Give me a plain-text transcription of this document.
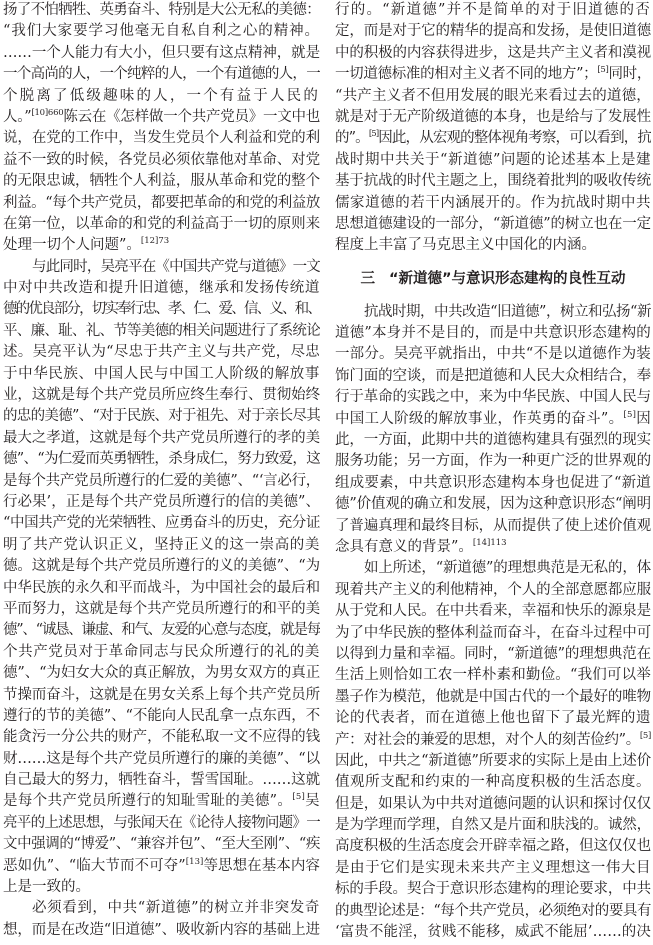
扬了不怕牺牲、英勇奋斗、特别是大公无私的美德：
“我们大家要学习他毫无自私自利之心的精神。
……一个人能力有大小，但只要有这点精神，就是
一个高尚的人，一个纯粹的人，一个有道德的人，一
个脱离了低级趣味的人，一个有益于人民的
人。”$^{[10]660}$陈云在《怎样做一个共产党员》一文中也
说，在党的工作中，当发生党员个人利益和党的利
益不一致的时候，各党员必须依靠他对革命、对党
的无限忠诚，牺牲个人利益，服从革命和党的整个
利益。“每个共产党员，都要把革命的和党的利益放
在第一位，以革命的和党的利益高于一切的原则来
处理一切个人问题”。$^{[12]73}$
与此同时，吴亮平在《中国共产党与道德》一文
中对中共改造和提升旧道德，继承和发扬传统道
德的优良部分，切实奉行忠、孝、仁、爱、信、义、和、
平、廉、耻、礼、节等美德的相关问题进行了系统论
述。吴亮平认为“尽忠于共产主义与共产党，尽忠
于中华民族、中国人民与中国工人阶级的解放事
业，这就是每个共产党员所应终生奉行、贯彻始终
的忠的美德”、“对于民族、对于祖先、对于亲长尽其
最大之孝道，这就是每个共产党员所遵行的孝的美
德”、“为仁爱而英勇牺牲，杀身成仁，努力致爱，这
是每个共产党员所遵行的仁爱的美德”、“‘言必行，
行必果’，正是每个共产党员所遵行的信的美德”、
“中国共产党的光荣牺牲、应勇奋斗的历史，充分证
明了共产党认识正义，坚持正义的这一崇高的美
德。这就是每个共产党员所遵行的义的美德”、“为
中华民族的永久和平而战斗，为中国社会的最后和
平而努力，这就是每个共产党员所遵行的和平的美
德”、“诚恳、谦虚、和气、友爱的心意与态度，就是每
个共产党员对于革命同志与民众所遵行的礼的美
德”、“为妇女大众的真正解放，为男女双方的真正
节操而奋斗，这就是在男女关系上每个共产党员所
遵行的节的美德”、“不能向人民乱拿一点东西，不
能贪污一分公共的财产，不能私取一文不应得的钱
财……这是每个共产党员所遵行的廉的美德”、“以
自己最大的努力，牺牲奋斗，誓雪国耻。……这就
是每个共产党员所遵行的知耻雪耻的美德”。[5]吴
亮平的上述思想，与张闻天在《论待人接物问题》一
文中强调的“博爱”、“兼容并包”、“至大至刚”、“疾
恶如仇”、“临大节而不可夺”[13]等思想在基本内容
上是一致的。
必须看到，中共“新道德”的树立并非突发奇
想，而是在改造“旧道德”、吸收新内容的基础上进
行的。“新道德”并不是简单的对于旧道德的否
定，而是对于它的精华的提高和发扬，是使旧道德
中的积极的内容获得进步，这是共产主义者和漠视
一切道德标准的相对主义者不同的地方”；[5]同时，
“共产主义者不但用发展的眼光来看过去的道德，
就是对于无产阶级道德的本身，也是给与了发展性
的”。[5]因此，从宏观的整体视角考察，可以看到，抗
战时期中共关于“新道德”问题的论述基本上是建
基于抗战的时代主题之上，围绕着批判的吸收传统
儒家道德的若干内涵展开的。作为抗战时期中共
思想道德建设的一部分，“新道德”的树立也在一定
程度上丰富了马克思主义中国化的内涵。
三 “新道德”与意识形态建构的良性互动
抗战时期，中共改造“旧道德”，树立和弘扬“新
道德”本身并不是目的，而是中共意识形态建构的
一部分。吴亮平就指出，中共“不是以道德作为装
饰门面的空谈，而是把道德和人民大众相结合，奉
行于革命的实践之中，来为中华民族、中国人民与
中国工人阶级的解放事业，作英勇的奋斗”。[5]因
此，一方面，此期中共的道德构建具有强烈的现实
服务功能；另一方面，作为一种更广泛的世界观的
组成要素，中共意识形态建构本身也促进了“新道
德”价值观的确立和发展，因为这种意识形态“阐明
了普遍真理和最终目标，从而提供了使上述价值观
念具有意义的背景”。$^{[14]113}$
如上所述，“新道德”的理想典范是无私的，体
现着共产主义的利他精神，个人的全部意愿都应服
从于党和人民。在中共看来，幸福和快乐的源泉是
为了中华民族的整体利益而奋斗，在奋斗过程中可
以得到力量和幸福。同时，“新道德”的理想典范在
生活上则恰如工农一样朴素和勤俭。“我们可以举
墨子作为模范，他就是中国古代的一个最好的唯物
论的代表者，而在道德上他也留下了最光辉的遗
产：对社会的兼爱的思想，对个人的刻苦俭约”。[5]
因此，中共之“新道德”所要求的实际上是由上述价
值观所支配和约束的一种高度积极的生活态度。
但是，如果认为中共对道德问题的认识和探讨仅仅
是为学理而学理，自然又是片面和肤浅的。诚然，
高度积极的生活态度会开辟幸福之路，但这仅仅也
是由于它们是实现未来共产主义理想这一伟大目
标的手段。契合于意识形态建构的理论要求，中共
的典型论述是：“每个共产党员，必须绝对的要具有
‘富贵不能淫，贫贱不能移，威武不能屈’……的决
